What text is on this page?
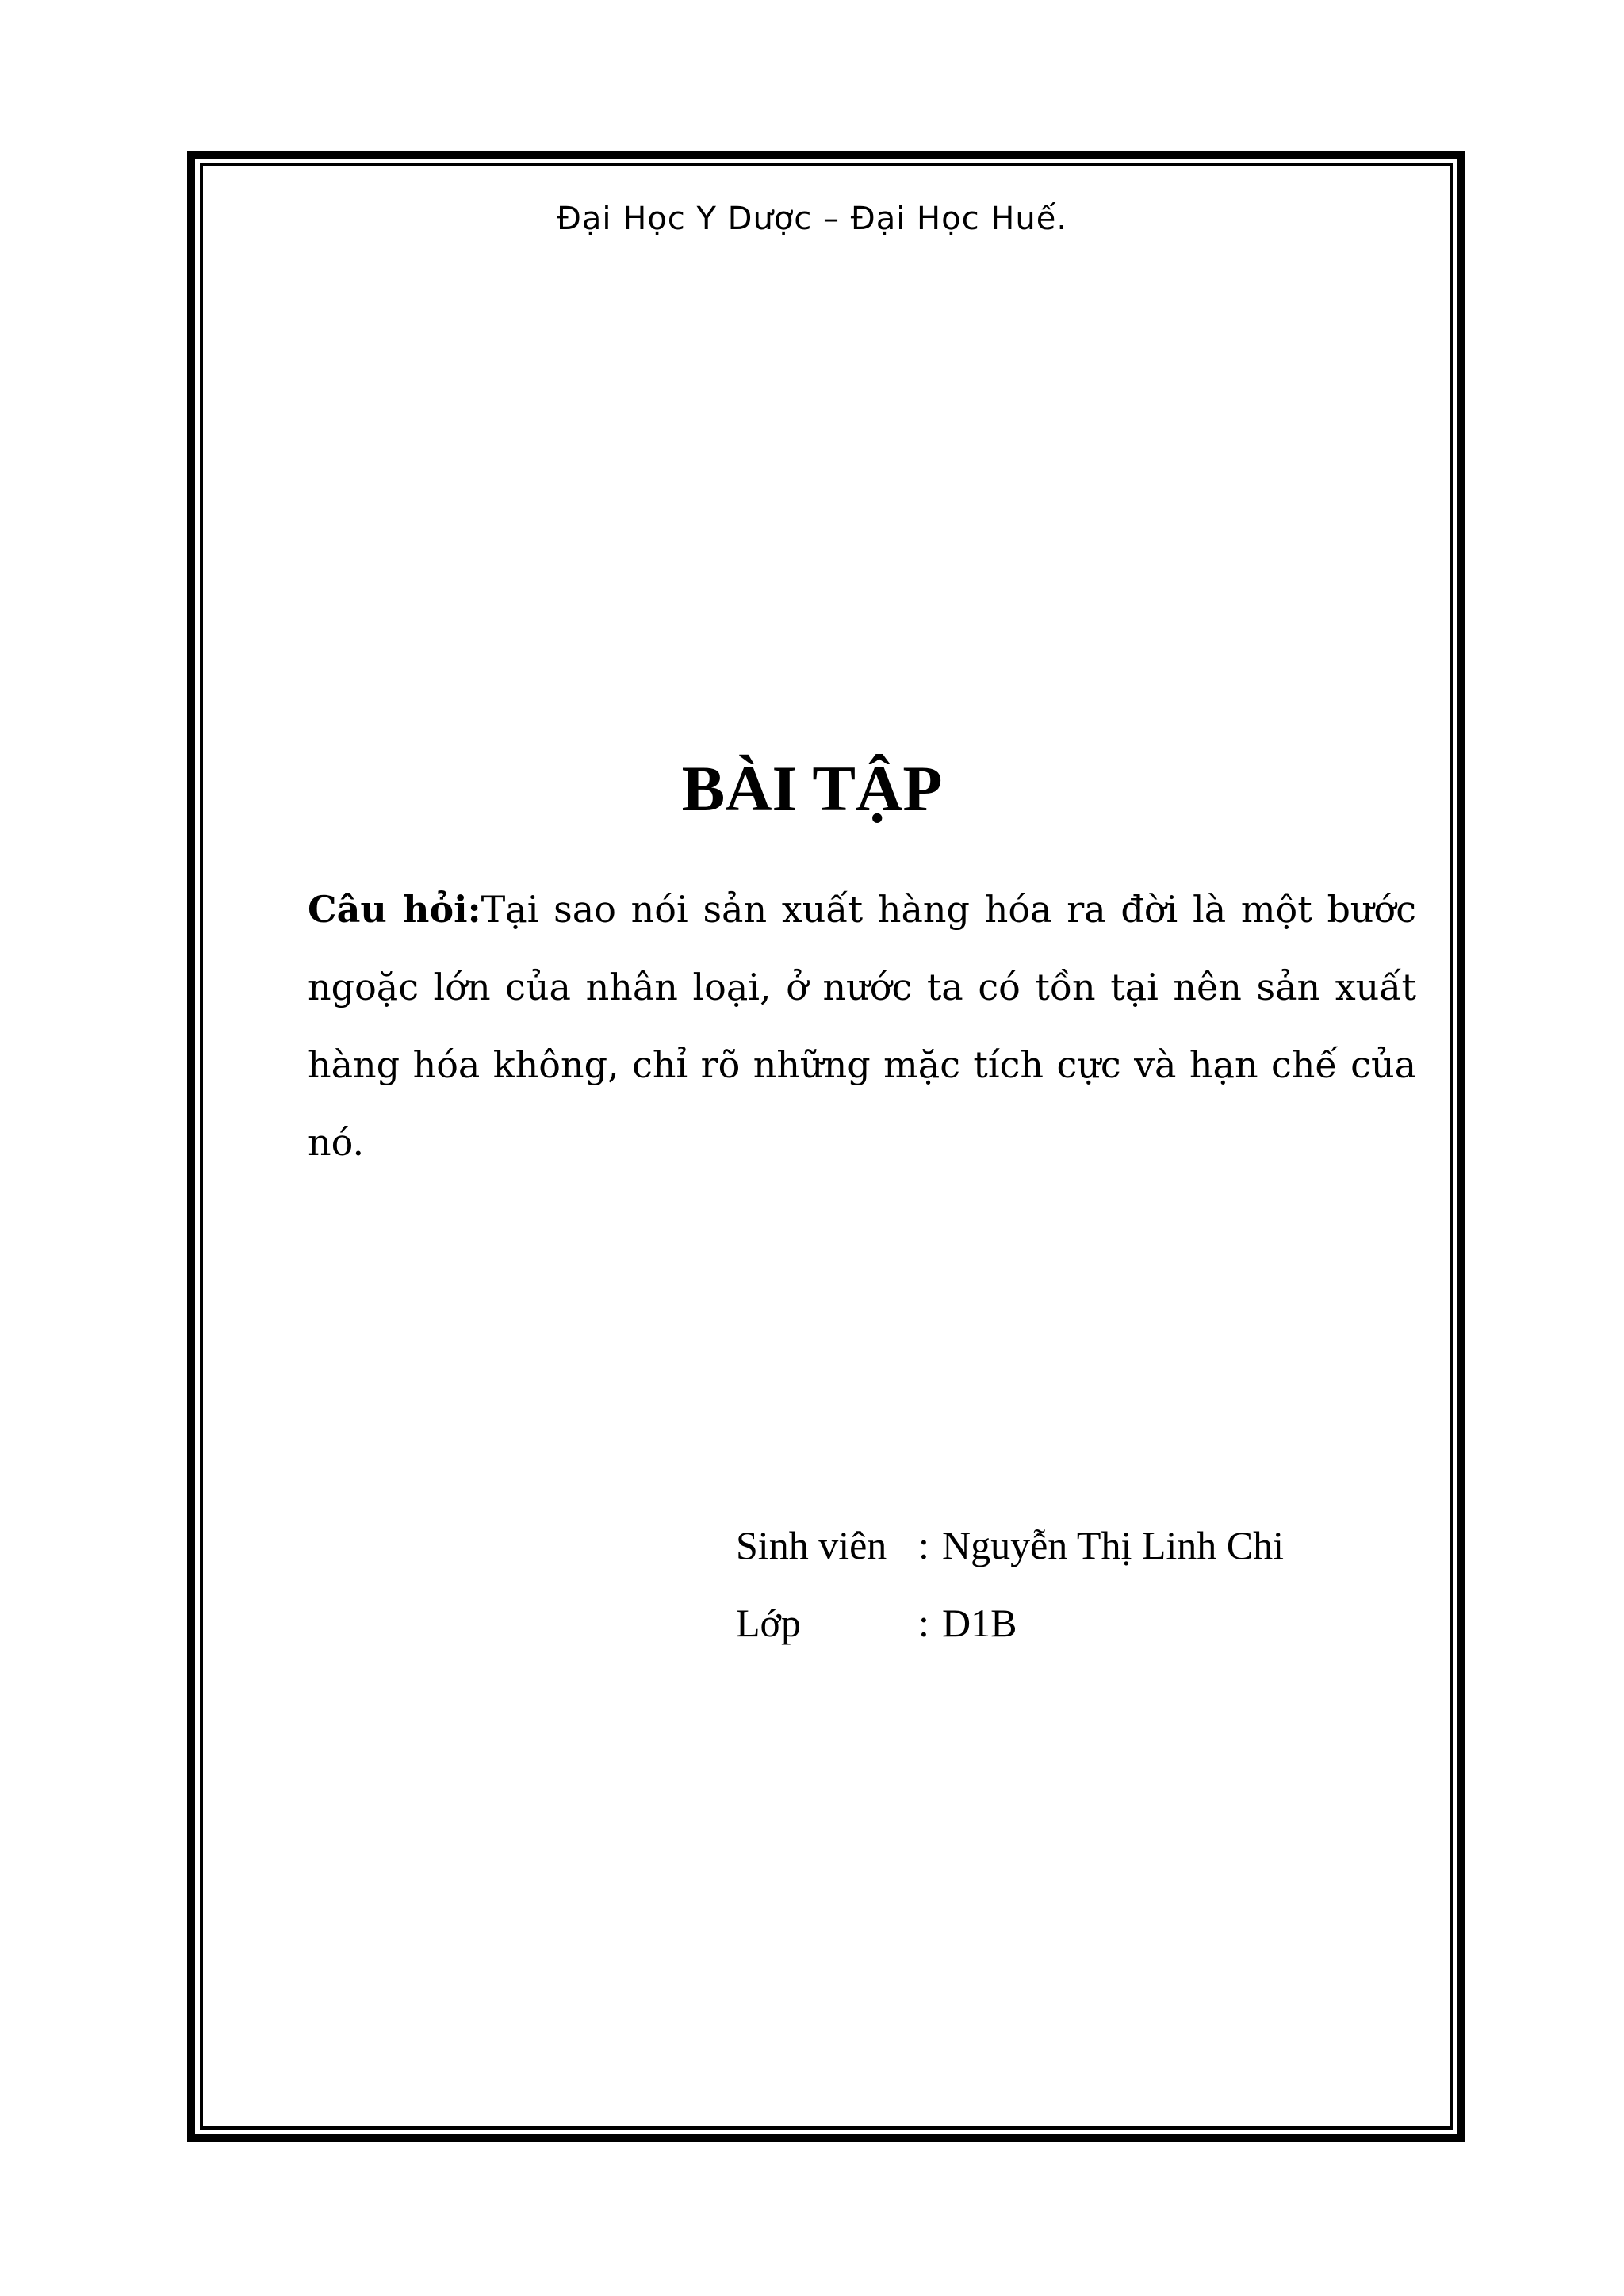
Đại Học Y Dược – Đại Học Huế.
BÀI TẬP
Câu hỏi:Tại sao nói sản xuất hàng hóa ra đời là một bước ngoặc lớn của nhân loại, ở nước ta có tồn tại nên sản xuất hàng hóa không, chỉ rõ những mặc tích cực và hạn chế của nó.
Sinh viên : Nguyễn Thị Linh Chi
Lớp	: D1B
